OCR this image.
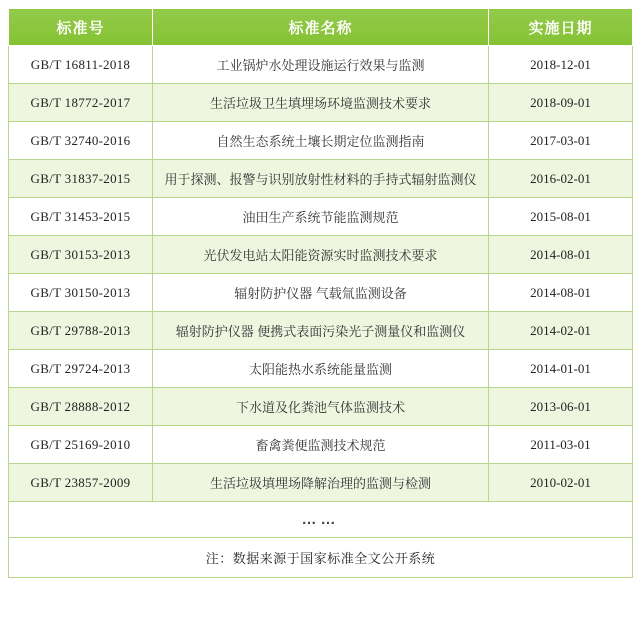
标准号	标准名称	实施日期
GB/T 16811-2018	工业锅炉水处理设施运行效果与监测	2018-12-01
GB/T 18772-2017	生活垃圾卫生填埋场环境监测技术要求	2018-09-01
GB/T 32740-2016	自然生态系统土壤长期定位监测指南	2017-03-01
GB/T 31837-2015	用于探测、报警与识别放射性材料的手持式辐射监测仪	2016-02-01
GB/T 31453-2015	油田生产系统节能监测规范	2015-08-01
GB/T 30153-2013	光伏发电站太阳能资源实时监测技术要求	2014-08-01
GB/T 30150-2013	辐射防护仪器 气载氚监测设备	2014-08-01
GB/T 29788-2013	辐射防护仪器 便携式表面污染光子测量仪和监测仪	2014-02-01
GB/T 29724-2013	太阳能热水系统能量监测	2014-01-01
GB/T 28888-2012	下水道及化粪池气体监测技术	2013-06-01
GB/T 25169-2010	畜禽粪便监测技术规范	2011-03-01
GB/T 23857-2009	生活垃圾填埋场降解治理的监测与检测	2010-02-01
……		
注：数据来源于国家标准全文公开系统		
